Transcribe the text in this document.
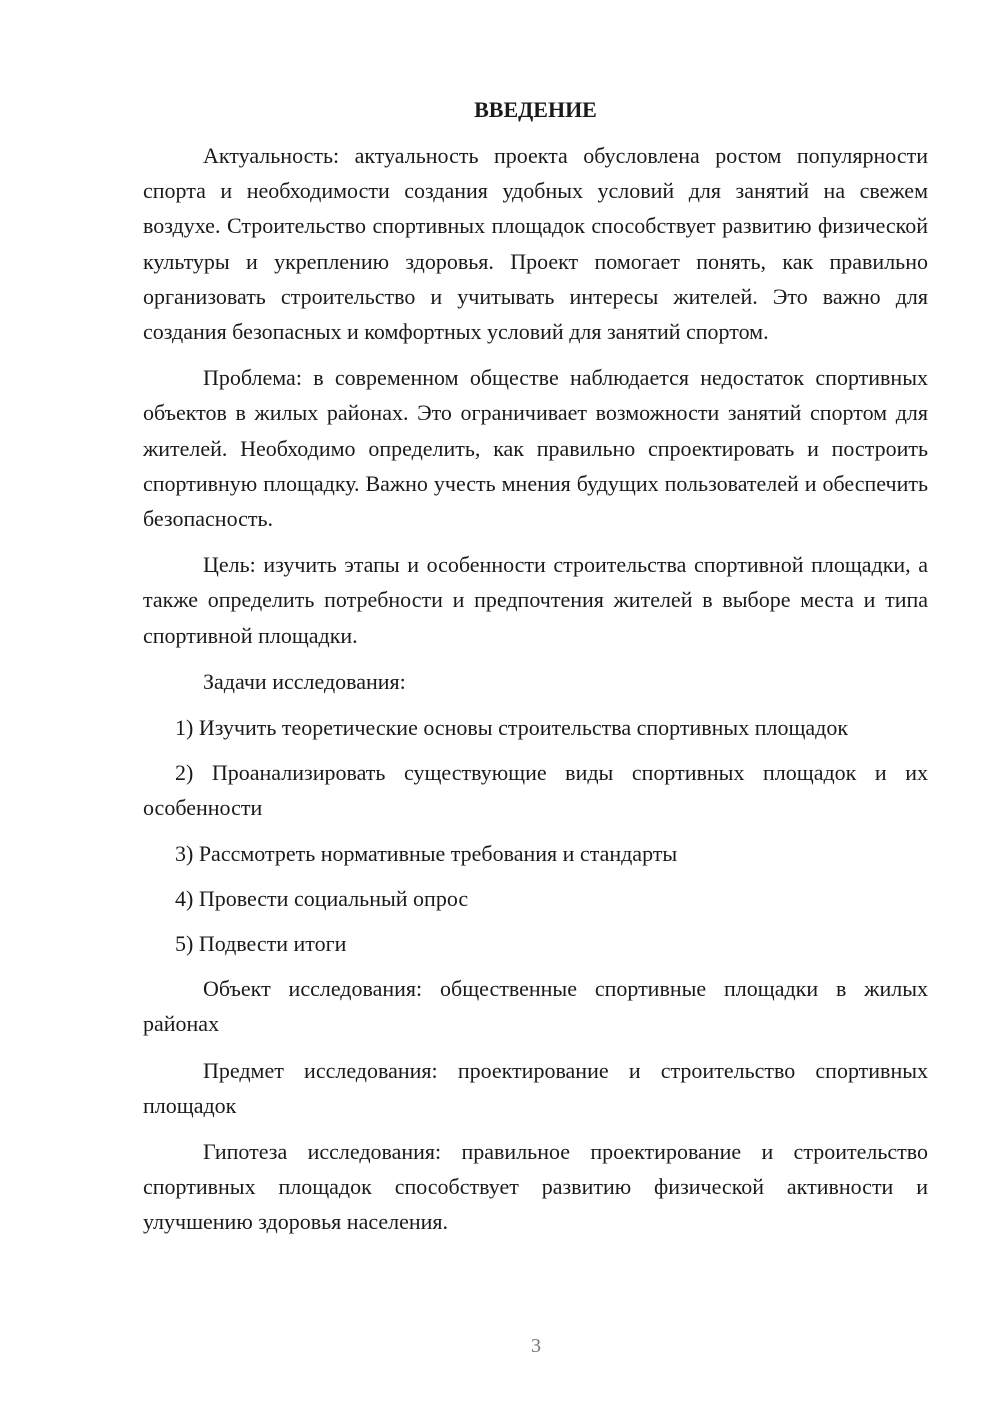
ВВЕДЕНИЕ

Актуальность: актуальность проекта обусловлена ростом популярности спорта и необходимости создания удобных условий для занятий на свежем воздухе. Строительство спортивных площадок способствует развитию физической культуры и укреплению здоровья. Проект помогает понять, как правильно организовать строительство и учитывать интересы жителей. Это важно для создания безопасных и комфортных условий для занятий спортом.

Проблема: в современном обществе наблюдается недостаток спортивных объектов в жилых районах. Это ограничивает возможности занятий спортом для жителей. Необходимо определить, как правильно спроектировать и построить спортивную площадку. Важно учесть мнения будущих пользователей и обеспечить безопасность.

Цель: изучить этапы и особенности строительства спортивной площадки, а также определить потребности и предпочтения жителей в выборе места и типа спортивной площадки.

Задачи исследования:

1) Изучить теоретические основы строительства спортивных площадок

2) Проанализировать существующие виды спортивных площадок и их особенности

3) Рассмотреть нормативные требования и стандарты

4) Провести социальный опрос

5) Подвести итоги

Объект исследования: общественные спортивные площадки в жилых районах

Предмет исследования: проектирование и строительство спортивных площадок

Гипотеза исследования: правильное проектирование и строительство спортивных площадок способствует развитию физической активности и улучшению здоровья населения.

3
